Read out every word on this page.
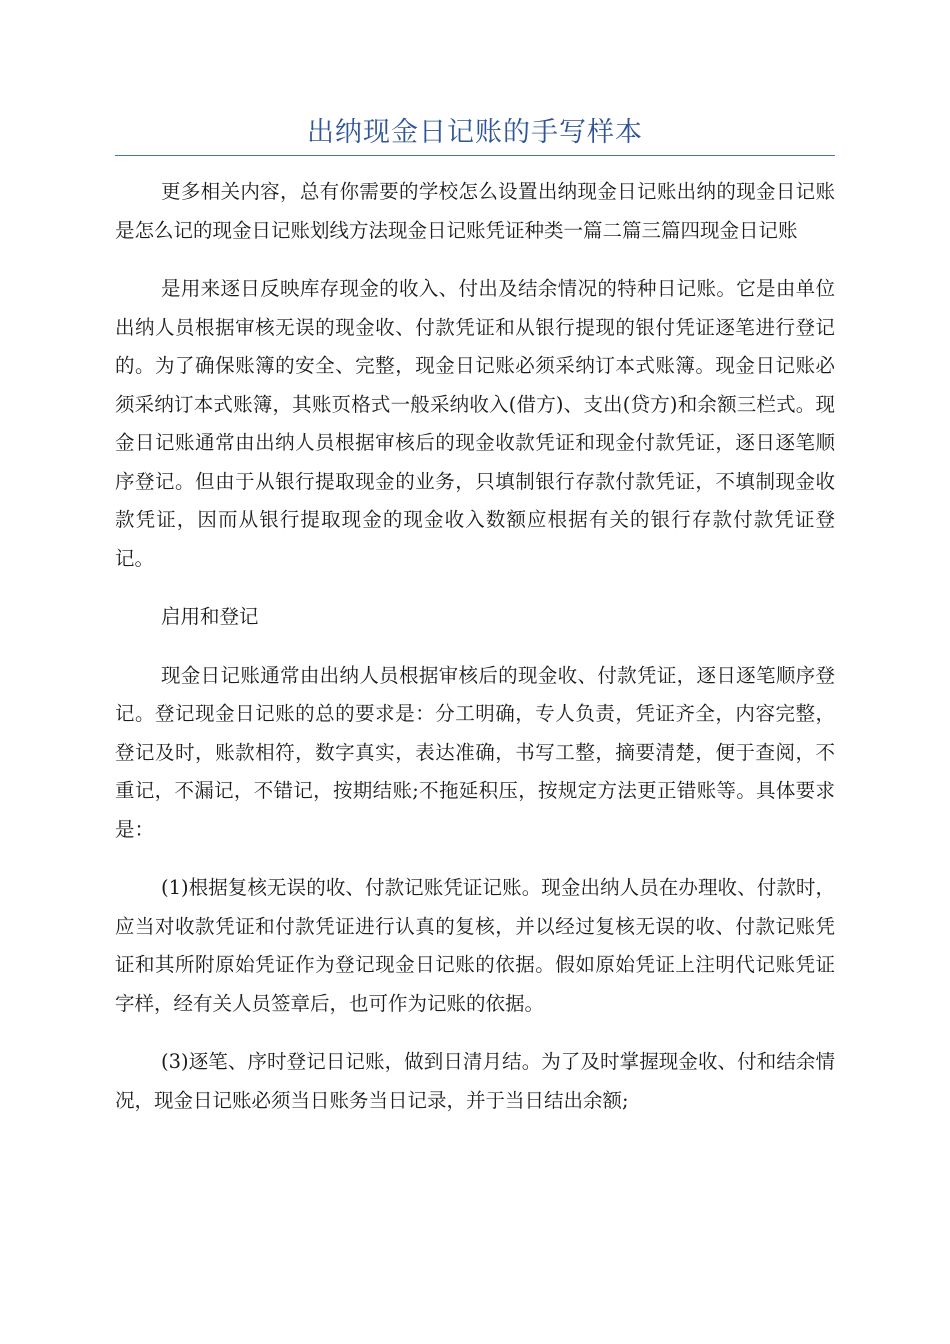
出纳现金日记账的手写样本

更多相关内容，总有你需要的学校怎么设置出纳现金日记账出纳的现金日记账是怎么记的现金日记账划线方法现金日记账凭证种类一篇二篇三篇四现金日记账

是用来逐日反映库存现金的收入、付出及结余情况的特种日记账。它是由单位出纳人员根据审核无误的现金收、付款凭证和从银行提现的银付凭证逐笔进行登记的。为了确保账簿的安全、完整，现金日记账必须采纳订本式账簿。现金日记账必须采纳订本式账簿，其账页格式一般采纳收入(借方)、支出(贷方)和余额三栏式。现金日记账通常由出纳人员根据审核后的现金收款凭证和现金付款凭证，逐日逐笔顺序登记。但由于从银行提取现金的业务，只填制银行存款付款凭证，不填制现金收款凭证，因而从银行提取现金的现金收入数额应根据有关的银行存款付款凭证登记。

启用和登记

现金日记账通常由出纳人员根据审核后的现金收、付款凭证，逐日逐笔顺序登记。登记现金日记账的总的要求是：分工明确，专人负责，凭证齐全，内容完整，登记及时，账款相符，数字真实，表达准确，书写工整，摘要清楚，便于查阅，不重记，不漏记，不错记，按期结账;不拖延积压，按规定方法更正错账等。具体要求是：

(1)根据复核无误的收、付款记账凭证记账。现金出纳人员在办理收、付款时，应当对收款凭证和付款凭证进行认真的复核，并以经过复核无误的收、付款记账凭证和其所附原始凭证作为登记现金日记账的依据。假如原始凭证上注明代记账凭证字样，经有关人员签章后，也可作为记账的依据。

(3)逐笔、序时登记日记账，做到日清月结。为了及时掌握现金收、付和结余情况，现金日记账必须当日账务当日记录，并于当日结出余额;
